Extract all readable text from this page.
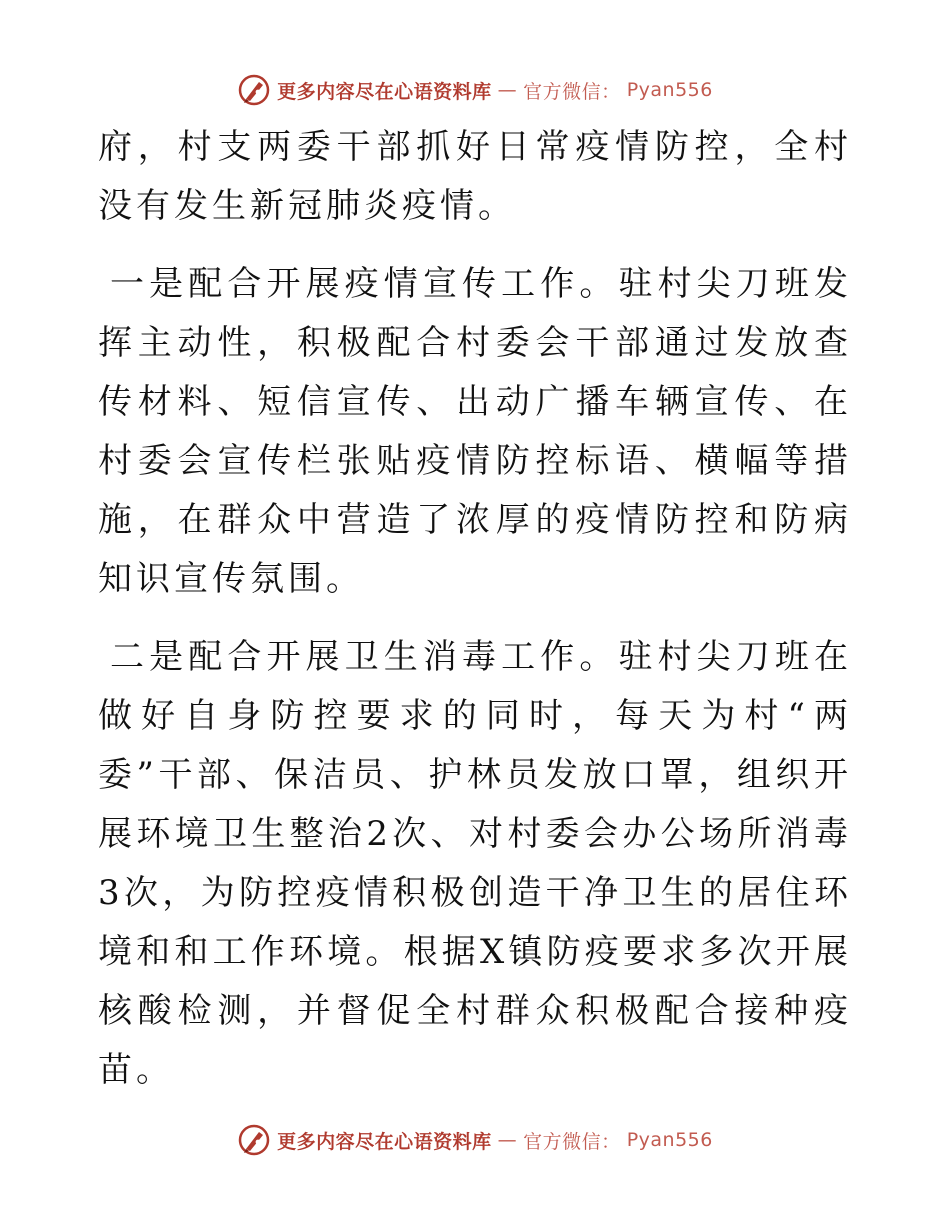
更多内容尽在心语资料库 — 官方微信： Pyan556

府，村支两委干部抓好日常疫情防控，全村没有发生新冠肺炎疫情。

一是配合开展疫情宣传工作。驻村尖刀班发挥主动性，积极配合村委会干部通过发放查传材料、短信宣传、出动广播车辆宣传、在村委会宣传栏张贴疫情防控标语、横幅等措施，在群众中营造了浓厚的疫情防控和防病知识宣传氛围。

二是配合开展卫生消毒工作。驻村尖刀班在做好自身防控要求的同时，每天为村“两委”干部、保洁员、护林员发放口罩，组织开展环境卫生整治2次、对村委会办公场所消毒3次，为防控疫情积极创造干净卫生的居住环境和和工作环境。根据X镇防疫要求多次开展核酸检测，并督促全村群众积极配合接种疫苗。

更多内容尽在心语资料库 — 官方微信： Pyan556
